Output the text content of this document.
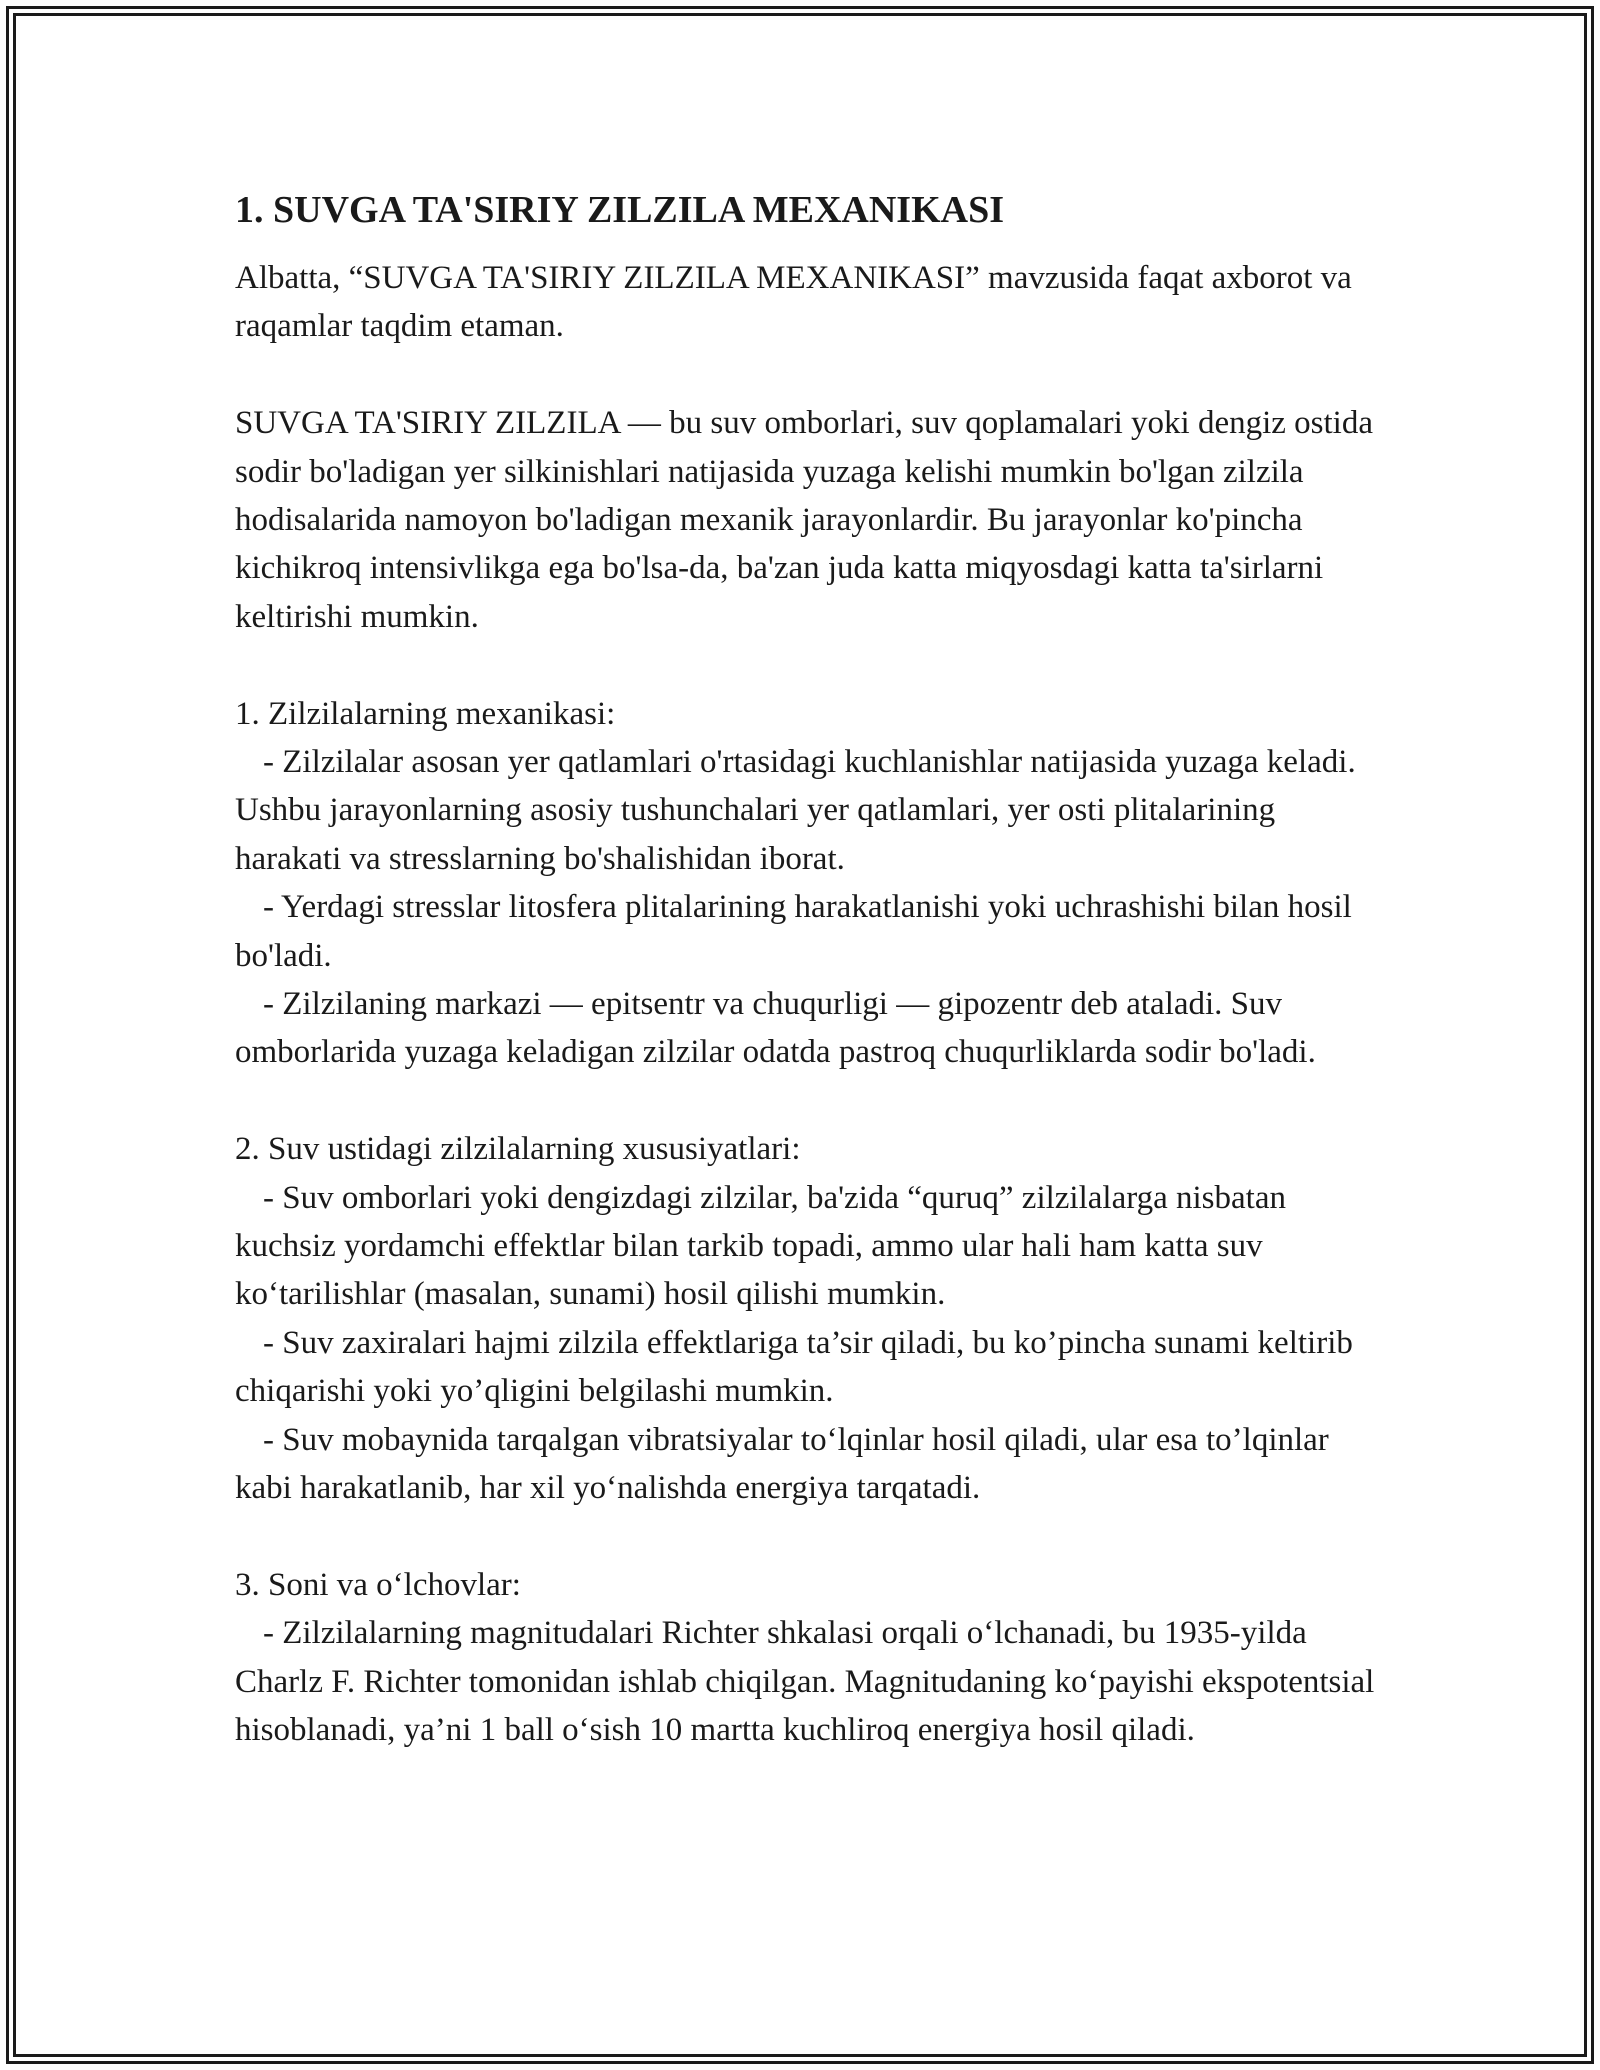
1. SUVGA TA'SIRIY ZILZILA MEXANIKASI

Albatta, “SUVGA TA'SIRIY ZILZILA MEXANIKASI” mavzusida faqat axborot va raqamlar taqdim etaman.

SUVGA TA'SIRIY ZILZILA — bu suv omborlari, suv qoplamalari yoki dengiz ostida sodir bo'ladigan yer silkinishlari natijasida yuzaga kelishi mumkin bo'lgan zilzila hodisalarida namoyon bo'ladigan mexanik jarayonlardir. Bu jarayonlar ko'pincha kichikroq intensivlikga ega bo'lsa-da, ba'zan juda katta miqyosdagi katta ta'sirlarni keltirishi mumkin.

1. Zilzilalarning mexanikasi:

- Zilzilalar asosan yer qatlamlari o'rtasidagi kuchlanishlar natijasida yuzaga keladi. Ushbu jarayonlarning asosiy tushunchalari yer qatlamlari, yer osti plitalarining harakati va stresslarning bo'shalishidan iborat.

- Yerdagi stresslar litosfera plitalarining harakatlanishi yoki uchrashishi bilan hosil bo'ladi.

- Zilzilaning markazi — epitsentr va chuqurligi — gipozentr deb ataladi. Suv omborlarida yuzaga keladigan zilzilar odatda pastroq chuqurliklarda sodir bo'ladi.

2. Suv ustidagi zilzilalarning xususiyatlari:

- Suv omborlari yoki dengizdagi zilzilar, ba'zida “quruq” zilzilalarga nisbatan kuchsiz yordamchi effektlar bilan tarkib topadi, ammo ular hali ham katta suv ko‘tarilishlar (masalan, sunami) hosil qilishi mumkin.

- Suv zaxiralari hajmi zilzila effektlariga ta’sir qiladi, bu ko’pincha sunami keltirib chiqarishi yoki yo’qligini belgilashi mumkin.

- Suv mobaynida tarqalgan vibratsiyalar to‘lqinlar hosil qiladi, ular esa to’lqinlar kabi harakatlanib, har xil yo‘nalishda energiya tarqatadi.

3. Soni va o‘lchovlar:

- Zilzilalarning magnitudalari Richter shkalasi orqali o‘lchanadi, bu 1935-yilda Charlz F. Richter tomonidan ishlab chiqilgan. Magnitudaning ko‘payishi ekspotentsial hisoblanadi, ya’ni 1 ball o‘sish 10 martta kuchliroq energiya hosil qiladi.
